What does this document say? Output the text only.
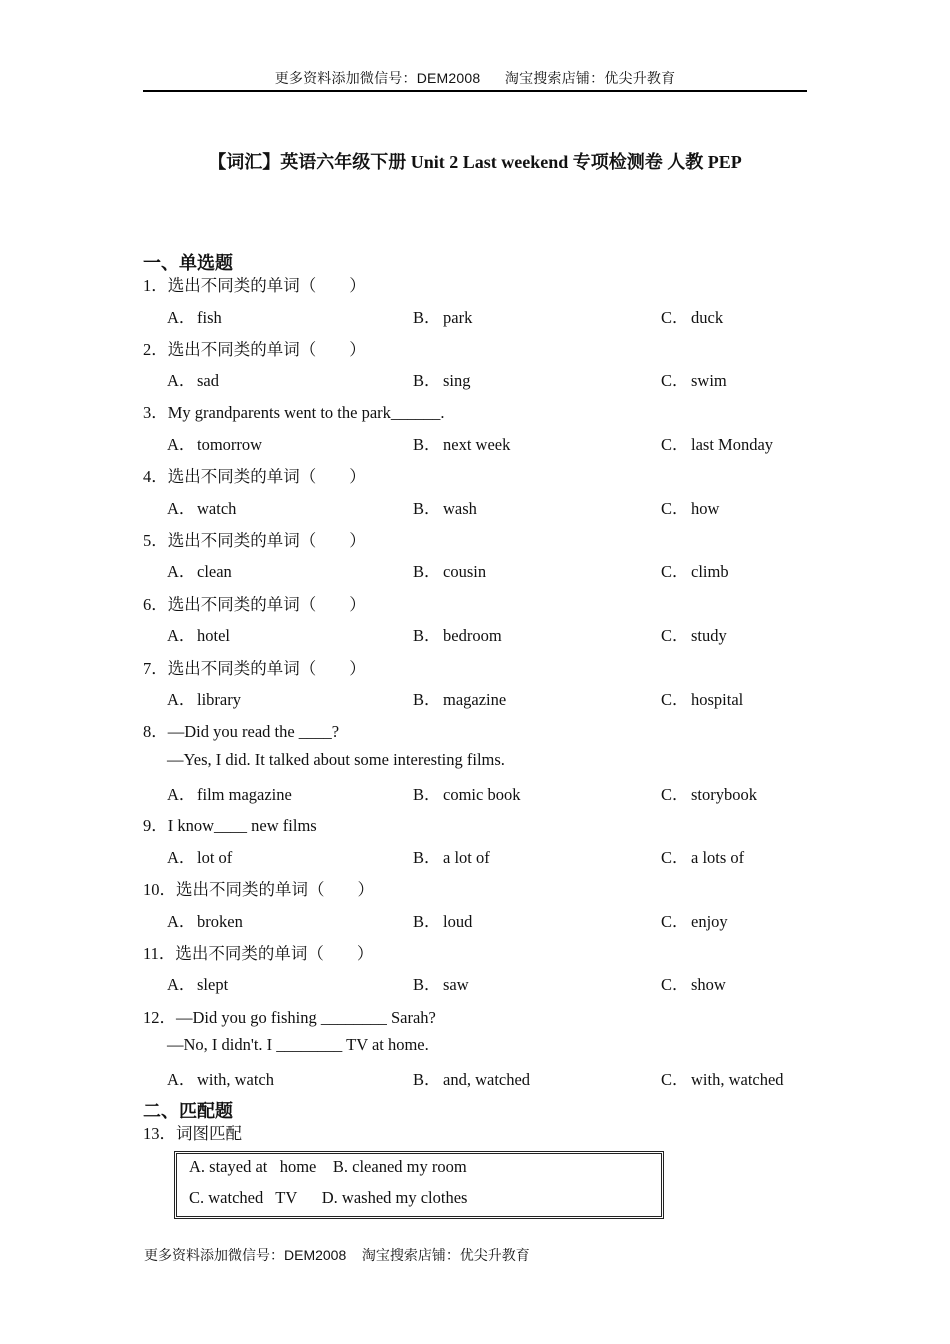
更多资料添加微信号：DEM2008      淘宝搜索店铺：优尖升教育
【词汇】英语六年级下册 Unit 2 Last weekend 专项检测卷 人教 PEP
一、单选题
1．选出不同类的单词（        ）
A．fish	B． park	C． duck
2．选出不同类的单词（        ）
A．sad	B． sing	C． swim
3．My grandparents went to the park______.
A．tomorrow	B． next week	C． last Monday
4．选出不同类的单词（        ）
A．watch	B． wash	C． how
5．选出不同类的单词（        ）
A．clean	B． cousin	C． climb
6．选出不同类的单词（        ）
A．hotel	B． bedroom	C． study
7．选出不同类的单词（        ）
A．library	B． magazine	C． hospital
8．—Did you read the ____?
—Yes, I did. It talked about some interesting films.
A．film magazine	B． comic book	C． storybook
9．I know____ new films
A．lot of	B． a lot of	C． a lots of
10．选出不同类的单词（        ）
A．broken	B． loud	C． enjoy
11．选出不同类的单词（        ）
A．slept	B． saw	C． show
12．—Did you go fishing ________ Sarah?
—No, I didn't. I ________ TV at home.
A．with, watch	B． and, watched	C． with, watched
二、匹配题
13．词图匹配
A. stayed at   home    B. cleaned my room
C. watched   TV      D. washed my clothes
更多资料添加微信号：DEM2008    淘宝搜索店铺：优尖升教育
